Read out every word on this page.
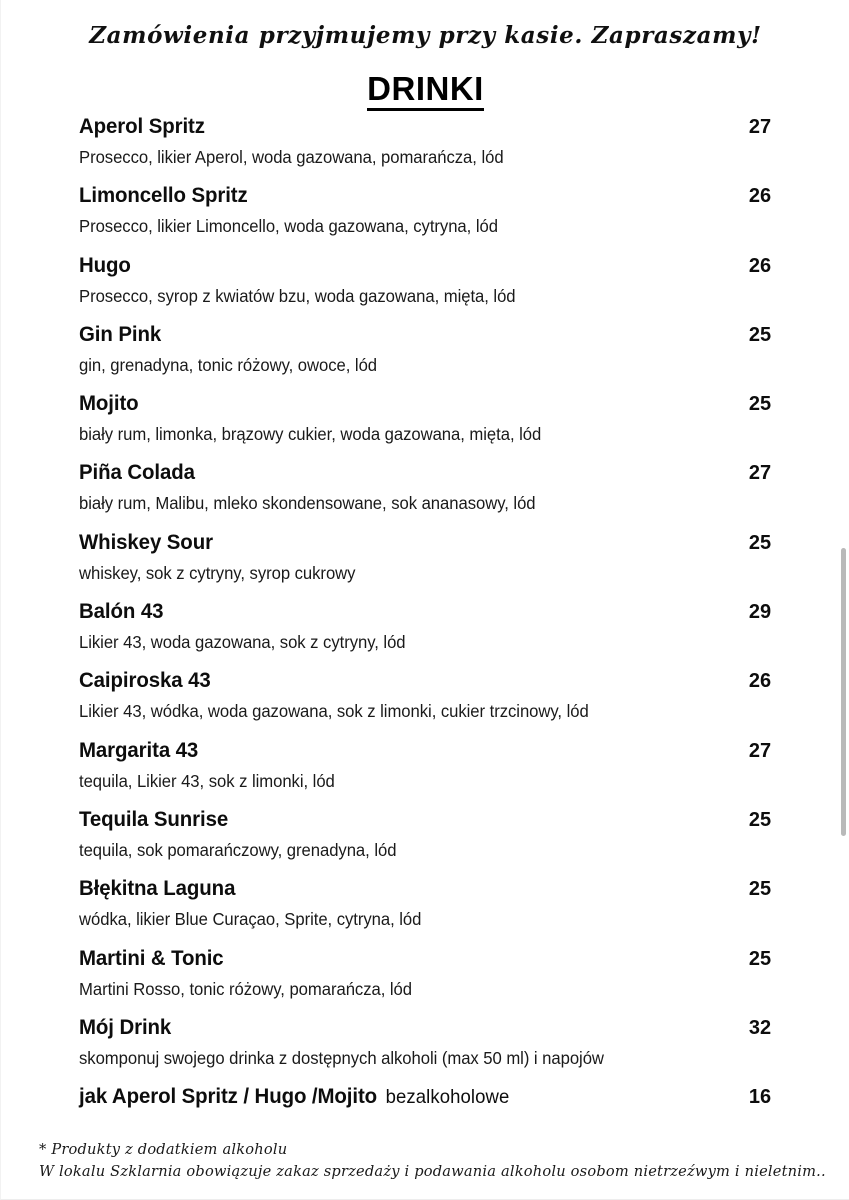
Zamówienia przyjmujemy przy kasie. Zapraszamy!
DRINKI
Aperol Spritz	27
Prosecco, likier Aperol, woda gazowana, pomarańcza, lód
Limoncello Spritz	26
Prosecco, likier Limoncello, woda gazowana, cytryna, lód
Hugo	26
Prosecco, syrop z kwiatów bzu, woda gazowana, mięta, lód
Gin Pink	25
gin, grenadyna, tonic różowy, owoce, lód
Mojito	25
biały rum, limonka, brązowy cukier, woda gazowana, mięta, lód
Piña Colada	27
biały rum, Malibu, mleko skondensowane, sok ananasowy, lód
Whiskey Sour	25
whiskey, sok z cytryny, syrop cukrowy
Balón 43	29
Likier 43, woda gazowana, sok z cytryny, lód
Caipiroska 43	26
Likier 43, wódka, woda gazowana, sok z limonki, cukier trzcinowy, lód
Margarita 43	27
tequila, Likier 43, sok z limonki, lód
Tequila Sunrise	25
tequila, sok pomarańczowy, grenadyna, lód
Błękitna Laguna	25
wódka, likier Blue Curaçao, Sprite, cytryna, lód
Martini & Tonic	25
Martini Rosso, tonic różowy, pomarańcza, lód
Mój Drink	32
skomponuj swojego drinka z dostępnych alkoholi (max 50 ml) i napojów
jak Aperol Spritz / Hugo /Mojito bezalkoholowe	16
* Produkty z dodatkiem alkoholu
W lokalu Szklarnia obowiązuje zakaz sprzedaży i podawania alkoholu osobom nietrzeźwym i nieletnim..
